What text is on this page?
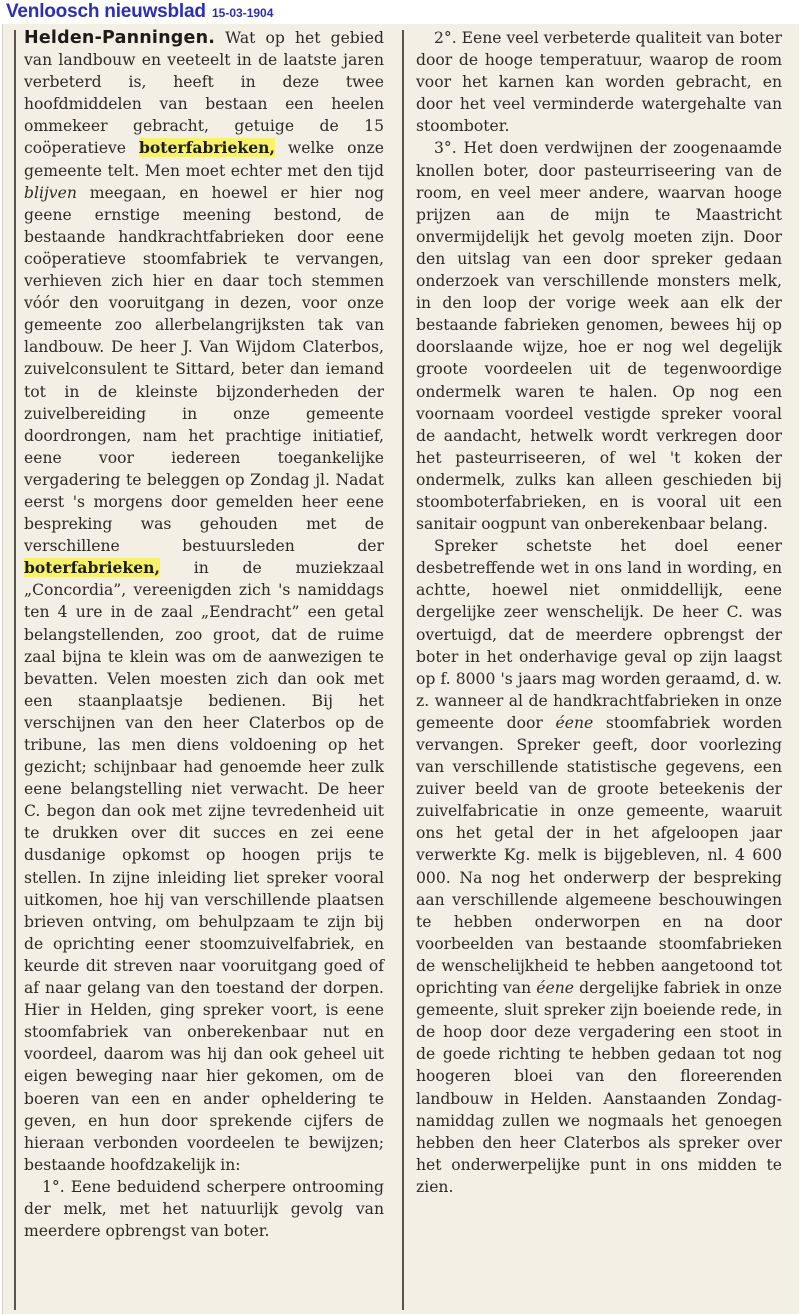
Venloosch nieuwsblad 15-03-1904

Helden-Panningen. Wat op het gebied van landbouw en veeteelt in de laatste jaren verbeterd is, heeft in deze twee hoofdmiddelen van bestaan een heelen ommekeer gebracht, getuige de 15 coöperatieve boterfabrieken, welke onze gemeente telt. Men moet echter met den tijd blijven meegaan, en hoewel er hier nog geene ernstige meening bestond, de bestaande handkrachtfabrieken door eene coöperatieve stoomfabriek te vervangen, verhieven zich hier en daar toch stemmen vóór den vooruitgang in dezen, voor onze gemeente zoo allerbelangrijksten tak van landbouw. De heer J. Van Wijdom Claterbos, zuivelconsulent te Sittard, beter dan iemand tot in de kleinste bijzonderheden der zuivelbereiding in onze gemeente doordrongen, nam het prachtige initiatief, eene voor iedereen toegankelijke vergadering te beleggen op Zondag jl. Nadat eerst 's morgens door gemelden heer eene bespreking was gehouden met de verschillene bestuursleden der boterfabrieken, in de muziekzaal „Concordia”, vereenigden zich 's namiddags ten 4 ure in de zaal „Eendracht” een getal belangstellenden, zoo groot, dat de ruime zaal bijna te klein was om de aanwezigen te bevatten. Velen moesten zich dan ook met een staanplaatsje bedienen. Bij het verschijnen van den heer Claterbos op de tribune, las men diens voldoening op het gezicht; schijnbaar had genoemde heer zulk eene belangstelling niet verwacht. De heer C. begon dan ook met zijne tevredenheid uit te drukken over dit succes en zei eene dusdanige opkomst op hoogen prijs te stellen. In zijne inleiding liet spreker vooral uitkomen, hoe hij van verschillende plaatsen brieven ontving, om behulpzaam te zijn bij de oprichting eener stoomzuivelfabriek, en keurde dit streven naar vooruitgang goed of af naar gelang van den toestand der dorpen. Hier in Helden, ging spreker voort, is eene stoomfabriek van onberekenbaar nut en voordeel, daarom was hij dan ook geheel uit eigen beweging naar hier gekomen, om de boeren van een en ander opheldering te geven, en hun door sprekende cijfers de hieraan verbonden voordeelen te bewijzen; bestaande hoofdzakelijk in:

1°. Eene beduidend scherpere ontrooming der melk, met het natuurlijk gevolg van meerdere opbrengst van boter.

2°. Eene veel verbeterde qualiteit van boter door de hooge temperatuur, waarop de room voor het karnen kan worden gebracht, en door het veel verminderde watergehalte van stoomboter.

3°. Het doen verdwijnen der zoogenaamde knollen boter, door pasteurriseering van de room, en veel meer andere, waarvan hooge prijzen aan de mijn te Maastricht onvermijdelijk het gevolg moeten zijn. Door den uitslag van een door spreker gedaan onderzoek van verschillende monsters melk, in den loop der vorige week aan elk der bestaande fabrieken genomen, bewees hij op doorslaande wijze, hoe er nog wel degelijk groote voordeelen uit de tegenwoordige ondermelk waren te halen. Op nog een voornaam voordeel vestigde spreker vooral de aandacht, hetwelk wordt verkregen door het pasteurriseeren, of wel 't koken der ondermelk, zulks kan alleen geschieden bij stoomboterfabrieken, en is vooral uit een sanitair oogpunt van onberekenbaar belang.

Spreker schetste het doel eener desbetreffende wet in ons land in wording, en achtte, hoewel niet onmiddellijk, eene dergelijke zeer wenschelijk. De heer C. was overtuigd, dat de meerdere opbrengst der boter in het onderhavige geval op zijn laagst op f. 8000 's jaars mag worden geraamd, d. w. z. wanneer al de handkrachtfabrieken in onze gemeente door éene stoomfabriek worden vervangen. Spreker geeft, door voorlezing van verschillende statistische gegevens, een zuiver beeld van de groote beteekenis der zuivelfabricatie in onze gemeente, waaruit ons het getal der in het afgeloopen jaar verwerkte Kg. melk is bijgebleven, nl. 4 600 000. Na nog het onderwerp der bespreking aan verschillende algemeene beschouwingen te hebben onderworpen en na door voorbeelden van bestaande stoomfabrieken de wenschelijkheid te hebben aangetoond tot oprichting van éene dergelijke fabriek in onze gemeente, sluit spreker zijn boeiende rede, in de hoop door deze vergadering een stoot in de goede richting te hebben gedaan tot nog hoogeren bloei van den floreerenden landbouw in Helden. Aanstaanden Zondag-namiddag zullen we nogmaals het genoegen hebben den heer Claterbos als spreker over het onderwerpelijke punt in ons midden te zien.
